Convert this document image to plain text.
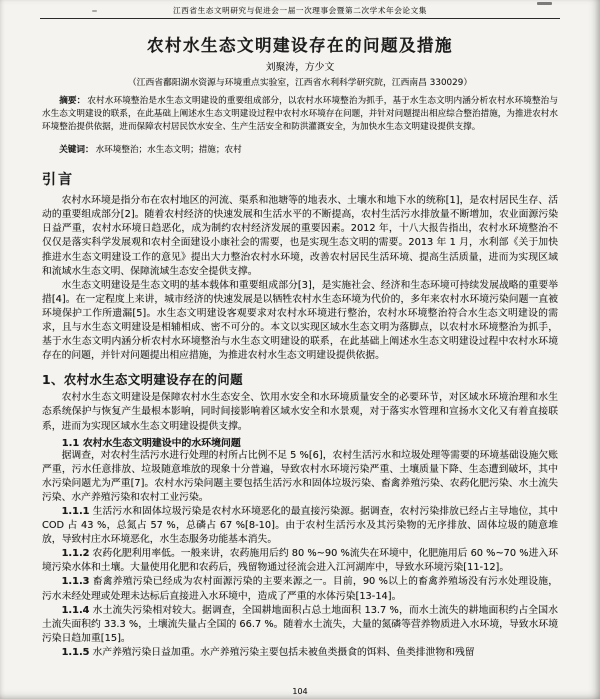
江西省生态文明研究与促进会一届一次理事会暨第二次学术年会论文集
农村水生态文明建设存在的问题及措施
刘聚涛，方少文
（江西省鄱阳湖水资源与环境重点实验室，江西省水利科学研究院，江西南昌 330029）

摘要： 农村水环境整治是水生态文明建设的重要组成部分，以农村水环境整治为抓手，基于水生态文明内涵分析农村水环境整治与水生态文明建设的联系，在此基础上阐述水生态文明建设过程中农村水环境存在问题，并针对问题提出相应综合整治措施，为推进农村水环境整治提供依据，进而保障农村居民饮水安全、生产生活安全和防洪灌溉安全，为加快水生态文明建设提供支撑。

关键词： 水环境整治；水生态文明；措施；农村

引言

农村水环境是指分布在农村地区的河流、渠系和池塘等的地表水、土壤水和地下水的统称[1]，是农村居民生存、活动的重要组成部分[2]。随着农村经济的快速发展和生活水平的不断提高，农村生活污水排放量不断增加，农业面源污染日益严重，农村水环境日趋恶化，成为制约农村经济发展的重要因素。2012 年，十八大报告指出，农村水环境整治不仅仅是落实科学发展观和农村全面建设小康社会的需要，也是实现生态文明的需要。2013 年 1 月，水利部《关于加快推进水生态文明建设工作的意见》提出大力整治农村水环境，改善农村居民生活环境、提高生活质量，进而为实现区域和流域水生态文明、保障流域生态安全提供支撑。

水生态文明建设是生态文明的基本载体和重要组成部分[3]，是实施社会、经济和生态环境可持续发展战略的重要举措[4]。在一定程度上来讲，城市经济的快速发展是以牺牲农村水生态环境为代价的，多年来农村水环境污染问题一直被环境保护工作所遗漏[5]。水生态文明建设客观要求对农村水环境进行整治，农村水环境整治符合水生态文明建设的需求，且与水生态文明建设是相辅相成、密不可分的。本文以实现区域水生态文明为落脚点，以农村水环境整治为抓手，基于水生态文明内涵分析农村水环境整治与水生态文明建设的联系，在此基础上阐述水生态文明建设过程中农村水环境存在的问题，并针对问题提出相应措施，为推进农村水生态文明建设提供依据。

1、农村水生态文明建设存在的问题

农村水生态文明建设是保障农村水生态安全、饮用水安全和水环境质量安全的必要环节，对区域水环境治理和水生态系统保护与恢复产生最根本影响，同时间接影响着区域水安全和水景观，对于落实水管理和宣扬水文化又有着直接联系，进而为实现区域水生态文明建设提供支撑。

1.1 农村水生态文明建设中的水环境问题

据调查，对农村生活污水进行处理的村所占比例不足 5 %[6]，农村生活污水和垃圾处理等需要的环境基础设施欠账严重，污水任意排放、垃圾随意堆放的现象十分普遍，导致农村水环境污染严重、土壤质量下降、生态遭到破坏，其中水污染问题尤为严重[7]。农村水污染问题主要包括生活污水和固体垃圾污染、畜禽养殖污染、农药化肥污染、水土流失污染、水产养殖污染和农村工业污染。

1.1.1 生活污水和固体垃圾污染是农村水环境恶化的最直接污染源。据调查，农村污染排放已经占主导地位，其中 COD 占 43 %，总氮占 57 %，总磷占 67 %[8-10]。由于农村生活污水及其污染物的无序排放、固体垃圾的随意堆放，导致村庄水环境恶化，水生态服务功能基本消失。

1.1.2 农药化肥利用率低。一般来讲，农药施用后约 80 %~90 %流失在环境中，化肥施用后 60 %~70 %进入环境污染水体和土壤。大量使用化肥和农药后，残留物通过径流会进入江河湖库中，导致水环境污染[11-12]。

1.1.3 畜禽养殖污染已经成为农村面源污染的主要来源之一。目前，90 %以上的畜禽养殖场没有污水处理设施，污水未经处理或处理未达标后直接进入水环境中，造成了严重的水体污染[13-14]。

1.1.4 水土流失污染相对较大。据调查，全国耕地面积占总土地面积 13.7 %，而水土流失的耕地面积约占全国水土流失面积约 33.3 %，土壤流失量占全国的 66.7 %。随着水土流失，大量的氮磷等营养物质进入水环境，导致水环境污染日趋加重[15]。

1.1.5 水产养殖污染日益加重。水产养殖污染主要包括未被鱼类摄食的饵料、鱼类排泄物和残留

104
